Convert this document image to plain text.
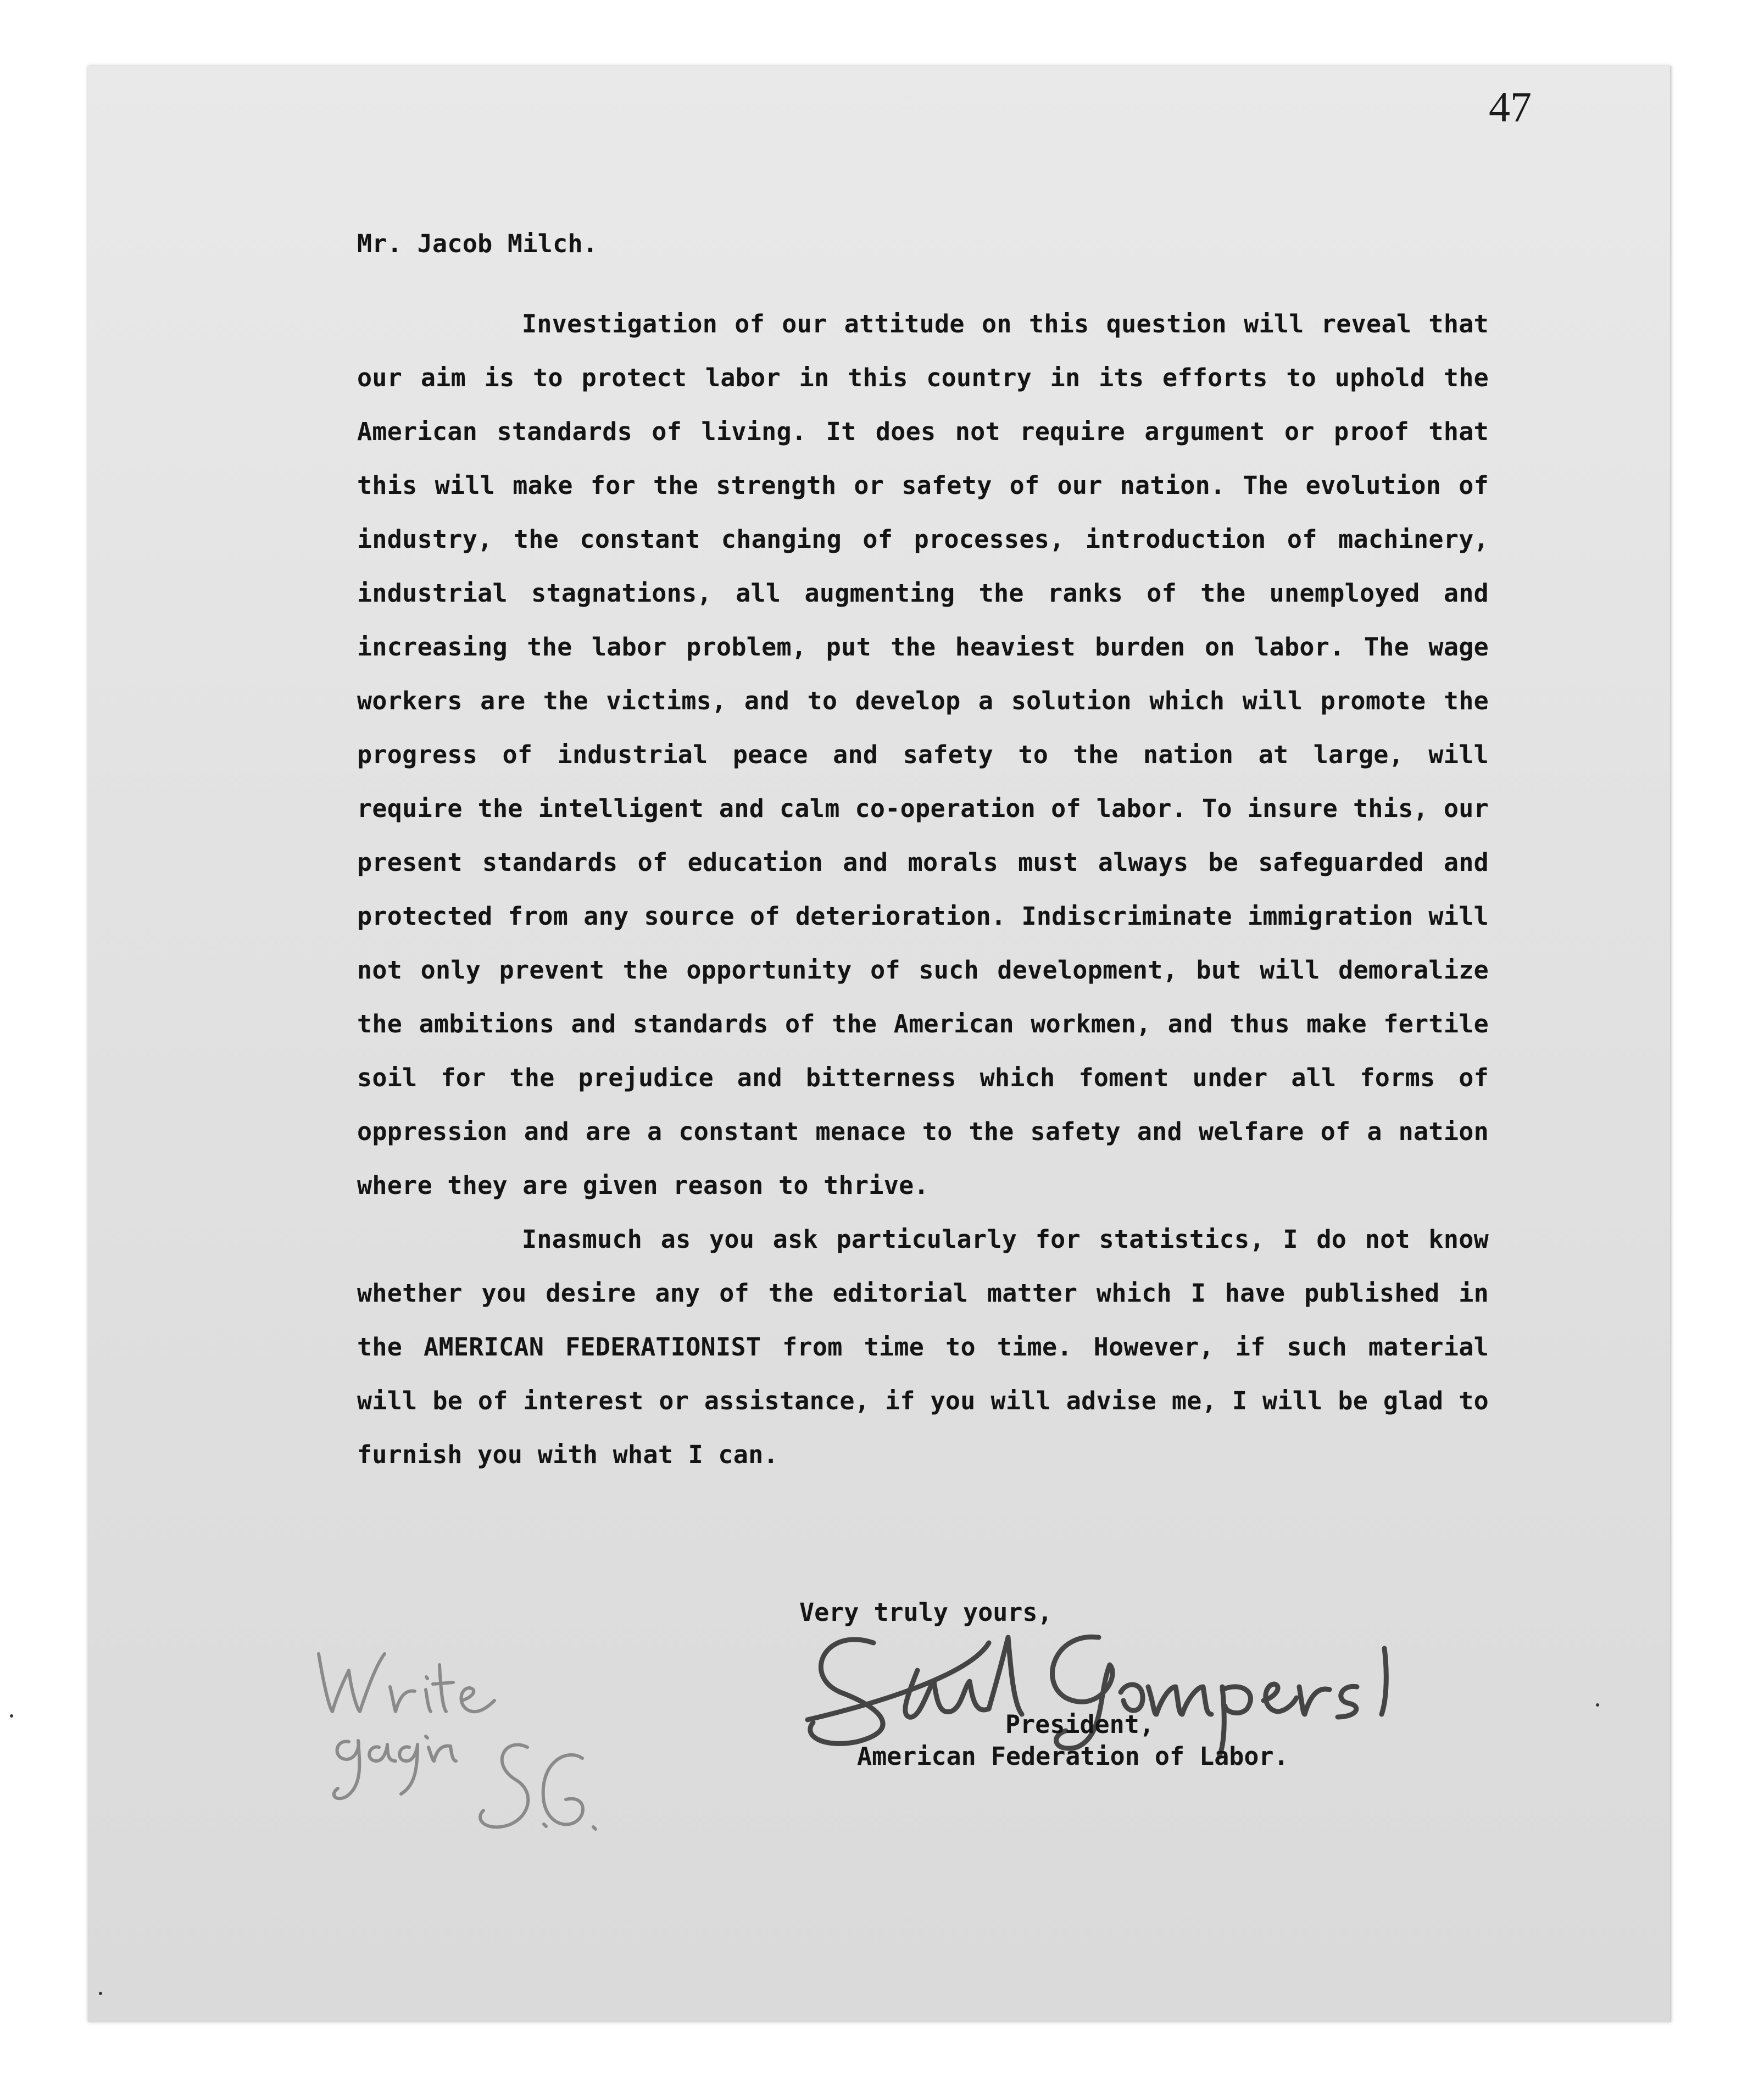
47

Mr. Jacob Milch.

Investigation of our attitude on this question will reveal that our aim is to protect labor in this country in its efforts to uphold the American standards of living. It does not require argument or proof that this will make for the strength or safety of our nation. The evolution of industry, the constant changing of processes, introduction of machinery, industrial stagnations, all augmenting the ranks of the unemployed and increasing the labor problem, put the heaviest burden on labor. The wage workers are the victims, and to develop a solution which will promote the progress of industrial peace and safety to the nation at large, will require the intelligent and calm co-operation of labor. To insure this, our present standards of education and morals must always be safeguarded and protected from any source of deterioration. Indiscriminate immigration will not only prevent the opportunity of such development, but will demoralize the ambitions and standards of the American workmen, and thus make fertile soil for the prejudice and bitterness which foment under all forms of oppression and are a constant menace to the safety and welfare of a nation where they are given reason to thrive.

Inasmuch as you ask particularly for statistics, I do not know whether you desire any of the editorial matter which I have published in the AMERICAN FEDERATIONIST from time to time. However, if such material will be of interest or assistance, if you will advise me, I will be glad to furnish you with what I can.

Very truly yours,
President,
American Federation of Labor.
